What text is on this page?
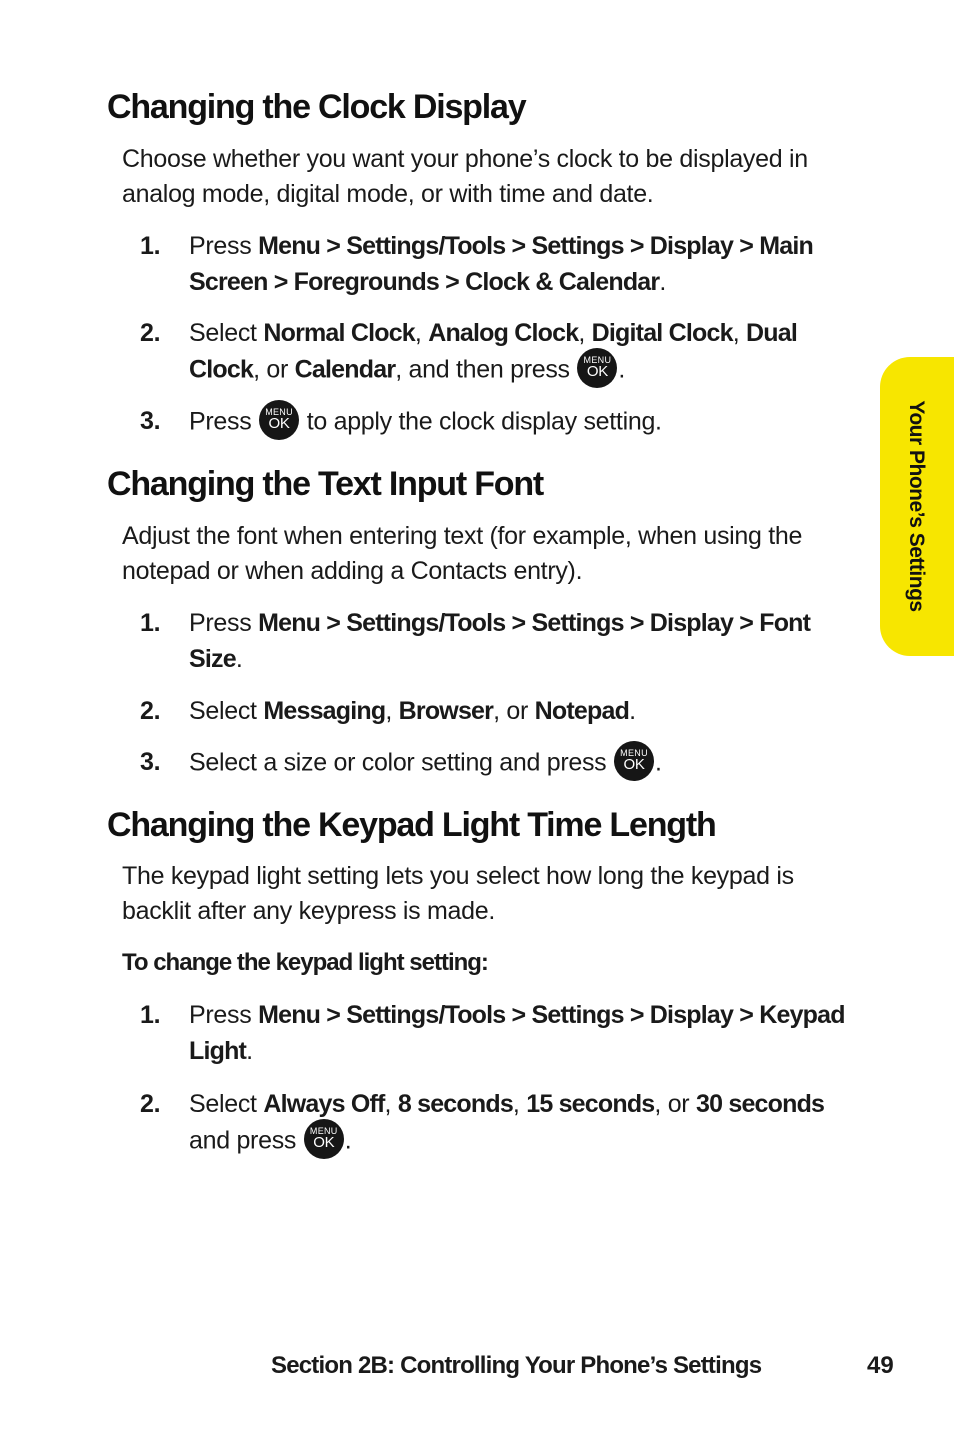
Changing the Clock Display

Choose whether you want your phone’s clock to be displayed in analog mode, digital mode, or with time and date.

1.	Press Menu > Settings/Tools > Settings > Display > Main Screen > Foregrounds > Clock & Calendar.
2.	Select Normal Clock, Analog Clock, Digital Clock, Dual Clock, or Calendar, and then press MENU
OK .
3.	Press MENU
OK to apply the clock display setting.
Changing the Text Input Font

Adjust the font when entering text (for example, when using the notepad or when adding a Contacts entry).

1.	Press Menu > Settings/Tools > Settings > Display > Font Size.
2.	Select Messaging, Browser, or Notepad.
3.	Select a size or color setting and press MENU
OK .
Changing the Keypad Light Time Length

The keypad light setting lets you select how long the keypad is backlit after any keypress is made.

To change the keypad light setting:

1.	Press Menu > Settings/Tools > Settings > Display > Keypad Light.
2.	Select Always Off, 8 seconds, 15 seconds, or 30 seconds and press MENU
OK .
Your Phone’s Settings
Section 2B: Controlling Your Phone’s Settings	49
